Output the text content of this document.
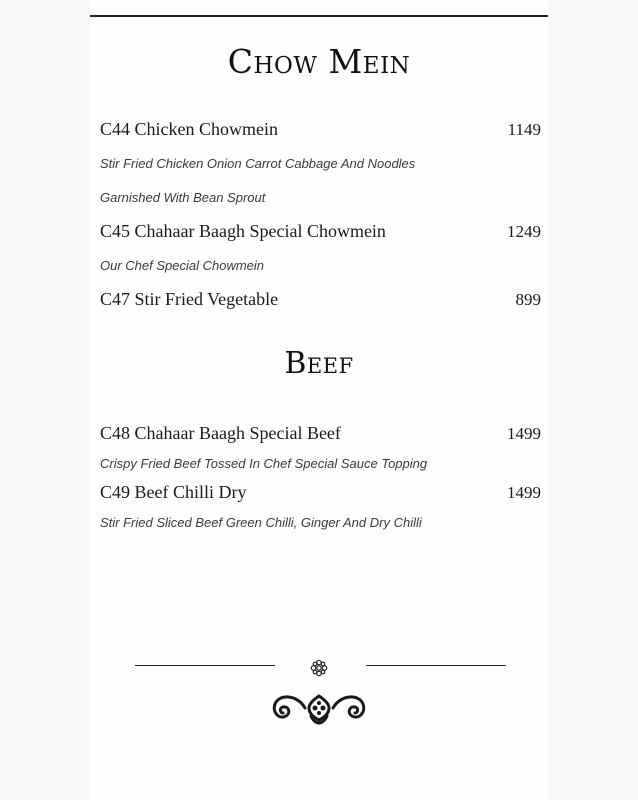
Chow Mein
C44 Chicken Chowmein	1149
Stir Fried Chicken Onion Carrot Cabbage And Noodles
Garnished With Bean Sprout
C45 Chahaar Baagh Special Chowmein	1249
Our Chef Special Chowmein
C47 Stir Fried Vegetable	899
Beef
C48 Chahaar Baagh Special Beef	1499
Crispy Fried Beef Tossed In Chef Special Sauce Topping
C49 Beef Chilli Dry	1499
Stir Fried Sliced Beef Green Chilli, Ginger And Dry Chilli
